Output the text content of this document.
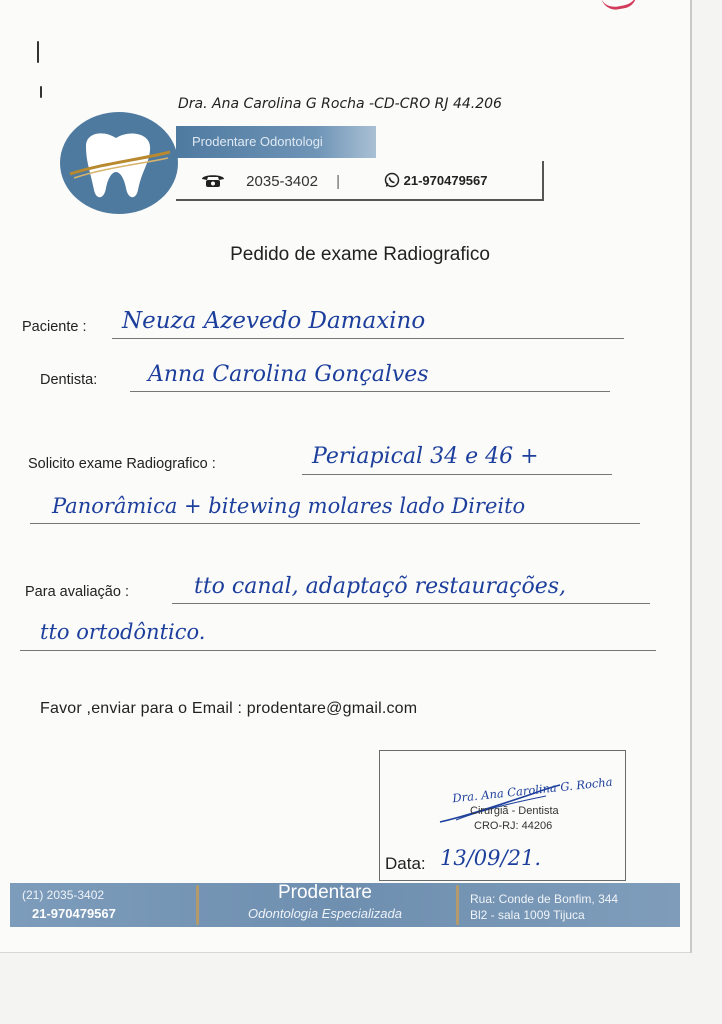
Dra. Ana Carolina G Rocha -CD-CRO RJ 44.206
Prodentare Odontologi
2035-3402 |	21-970479567
Pedido de exame Radiografico
Paciente : Neuza Azevedo Damaxino
Dentista: Anna Carolina Gonçalves
Solicito exame Radiografico :	Periapical 34 e 46 +
Panorâmica + bitewing molares lado Direito
Para avaliação :	tto canal, adaptaçõ restaurações,
tto ortodôntico.
Favor ,enviar para o Email : prodentare@gmail.com
Dra. Ana Carolina G. Rocha
Cirurgiã - Dentista
CRO-RJ: 44206
Data: 13/09/21.
(21) 2035-3402
21-970479567
Prodentare
Odontologia Especializada
Rua: Conde de Bonfim, 344
Bl2 - sala 1009 Tijuca
